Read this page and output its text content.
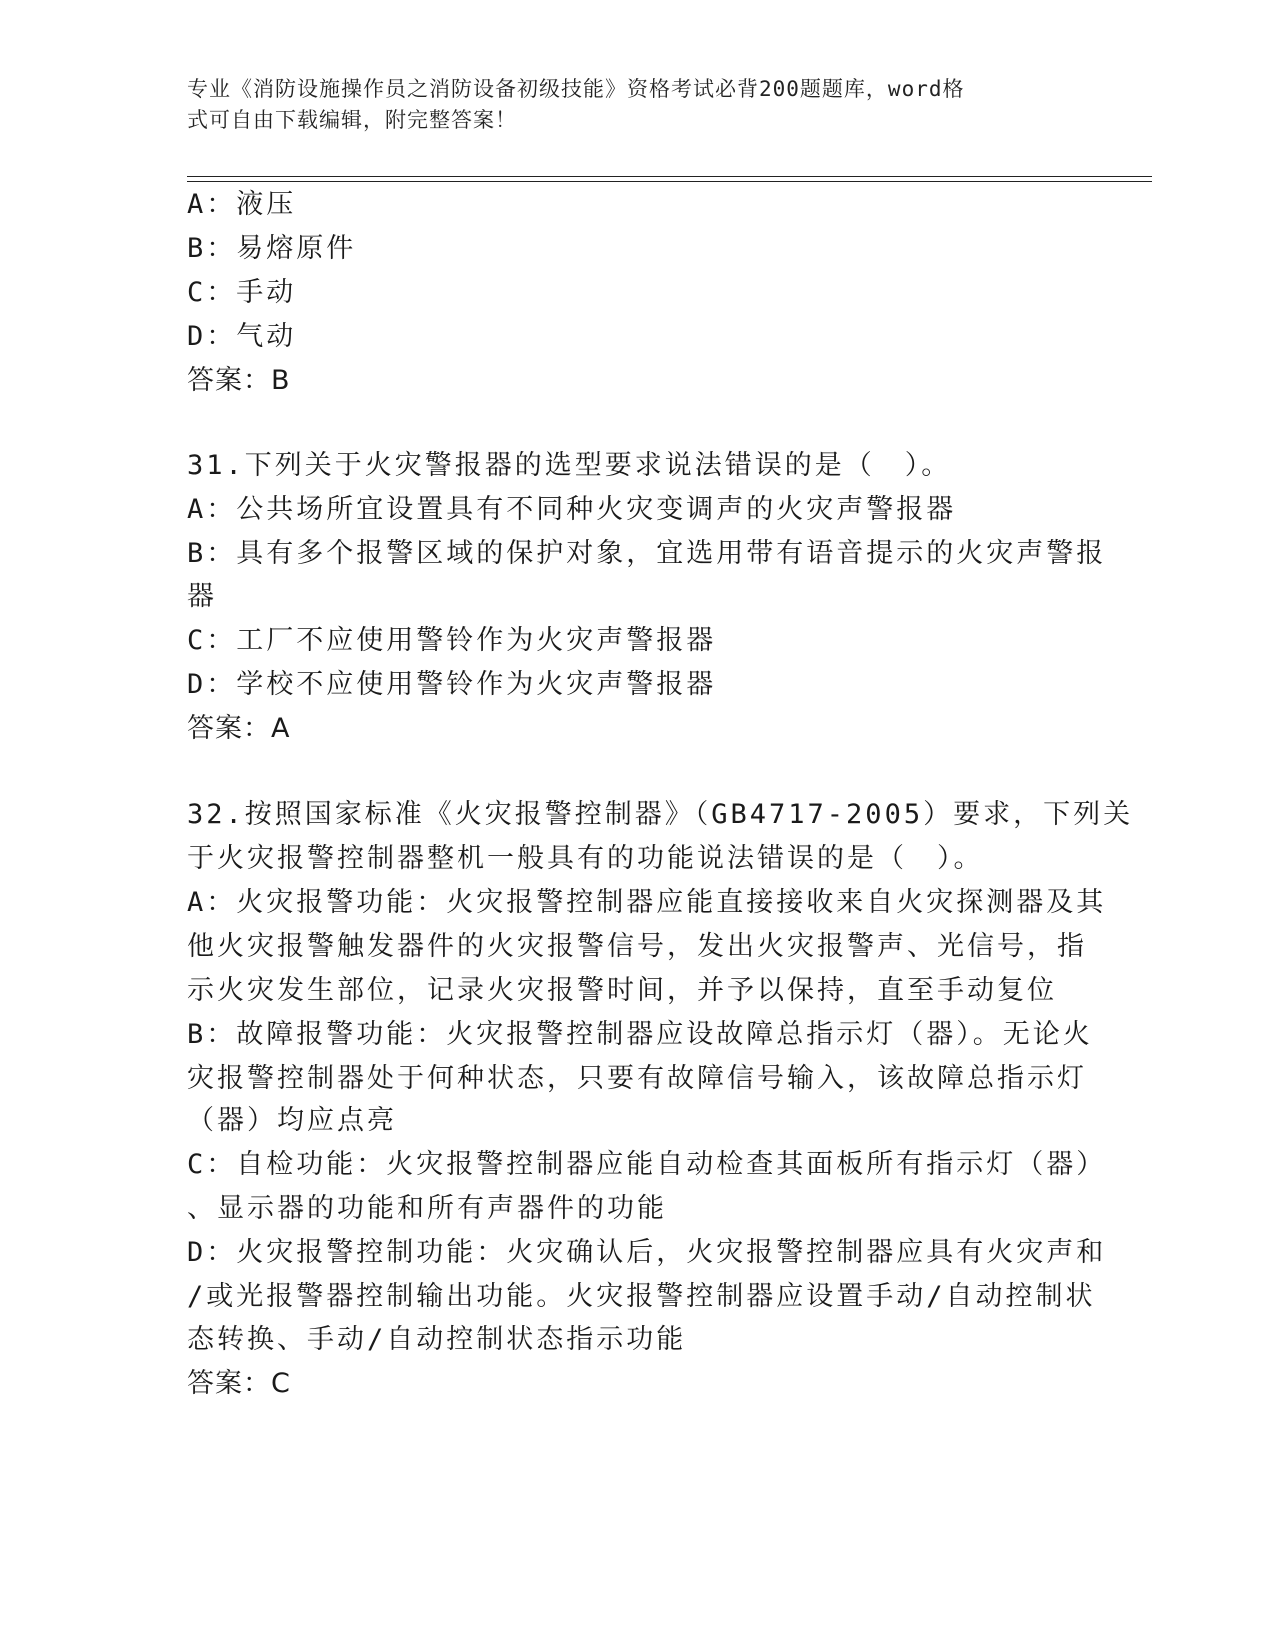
专业《消防设施操作员之消防设备初级技能》资格考试必背200题题库，word格
式可自由下载编辑，附完整答案！
A：液压
B：易熔原件
C：手动
D：气动
答案：B
31.下列关于火灾警报器的选型要求说法错误的是（　）。
A：公共场所宜设置具有不同种火灾变调声的火灾声警报器
B：具有多个报警区域的保护对象，宜选用带有语音提示的火灾声警报
器
C：工厂不应使用警铃作为火灾声警报器
D：学校不应使用警铃作为火灾声警报器
答案：A
32.按照国家标准《火灾报警控制器》（GB4717-2005）要求，下列关
于火灾报警控制器整机一般具有的功能说法错误的是（　）。
A：火灾报警功能：火灾报警控制器应能直接接收来自火灾探测器及其
他火灾报警触发器件的火灾报警信号，发出火灾报警声、光信号，指
示火灾发生部位，记录火灾报警时间，并予以保持，直至手动复位
B：故障报警功能：火灾报警控制器应设故障总指示灯（器）。无论火
灾报警控制器处于何种状态，只要有故障信号输入，该故障总指示灯
（器）均应点亮
C：自检功能：火灾报警控制器应能自动检查其面板所有指示灯（器）
、显示器的功能和所有声器件的功能
D：火灾报警控制功能：火灾确认后，火灾报警控制器应具有火灾声和
/或光报警器控制输出功能。火灾报警控制器应设置手动/自动控制状
态转换、手动/自动控制状态指示功能
答案：C
